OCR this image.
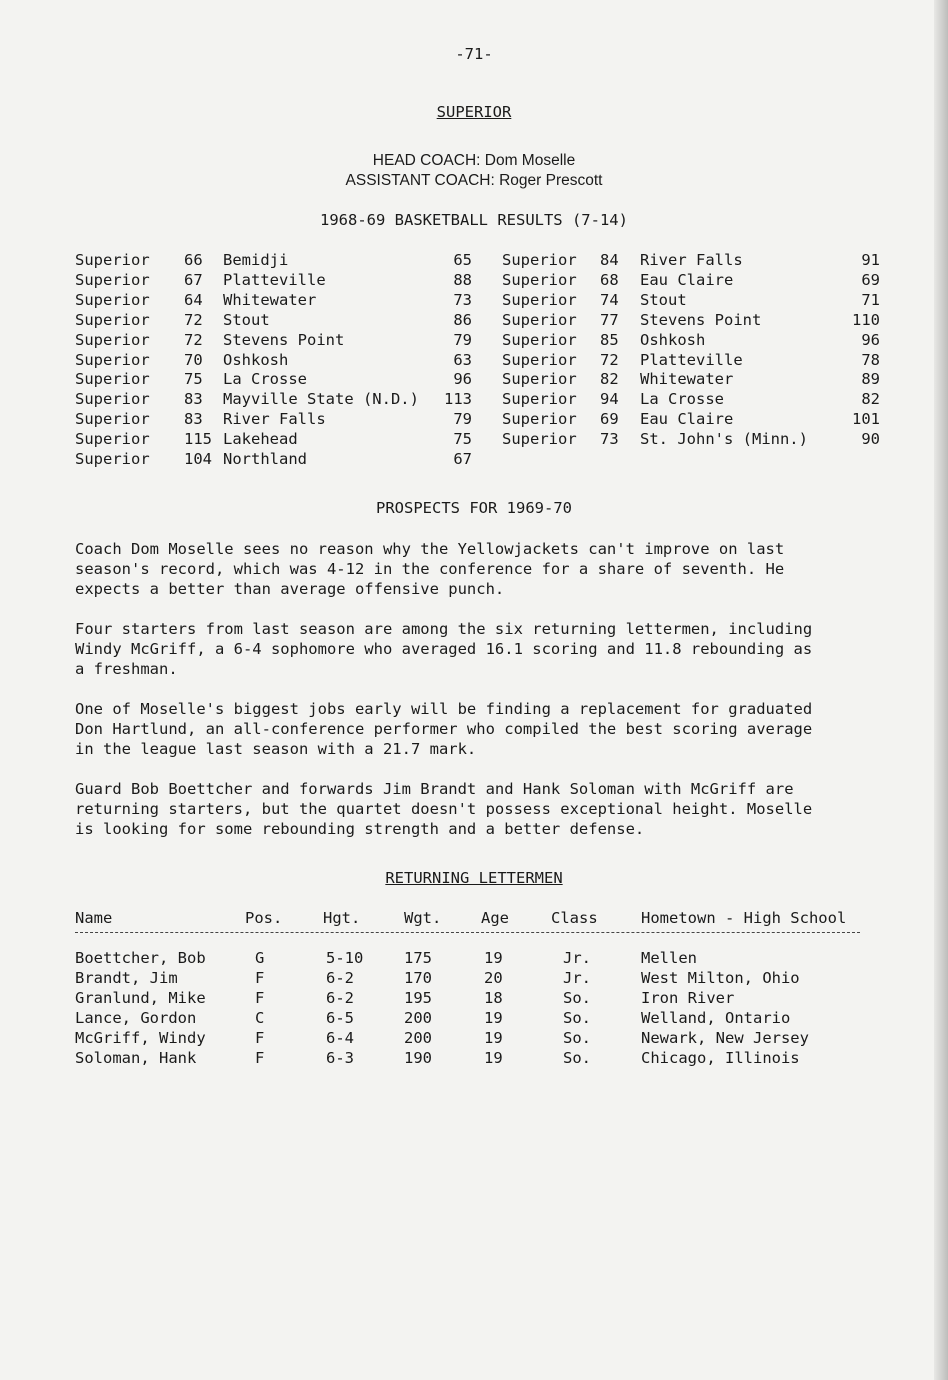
-71-
SUPERIOR
HEAD COACH: Dom Moselle
ASSISTANT COACH: Roger Prescott
1968-69 BASKETBALL RESULTS (7-14)
Superior 66 Bemidji	65
Superior 67 Platteville	88
Superior 64 Whitewater	73
Superior 72 Stout	86
Superior 72 Stevens Point	79
Superior 70 Oshkosh	63
Superior 75 La Crosse	96
Superior 83 Mayville State (N.D.)	113
Superior 83 River Falls	79
Superior 115 Lakehead	75
Superior 104 Northland	67
Superior 84 River Falls	91
Superior 68 Eau Claire	69
Superior 74 Stout	71
Superior 77 Stevens Point	110
Superior 85 Oshkosh	96
Superior 72 Platteville	78
Superior 82 Whitewater	89
Superior 94 La Crosse	82
Superior 69 Eau Claire	101
Superior 73 St. John's (Minn.)	90
PROSPECTS FOR 1969-70
Coach Dom Moselle sees no reason why the Yellowjackets can't improve on last
season's record, which was 4-12 in the conference for a share of seventh. He
expects a better than average offensive punch.
Four starters from last season are among the six returning lettermen, including
Windy McGriff, a 6-4 sophomore who averaged 16.1 scoring and 11.8 rebounding as
a freshman.
One of Moselle's biggest jobs early will be finding a replacement for graduated
Don Hartlund, an all-conference performer who compiled the best scoring average
in the league last season with a 21.7 mark.
Guard Bob Boettcher and forwards Jim Brandt and Hank Soloman with McGriff are
returning starters, but the quartet doesn't possess exceptional height. Moselle
is looking for some rebounding strength and a better defense.
RETURNING LETTERMEN
Name	Pos.	Hgt.	Wgt.	Age	Class	Hometown - High School
Boettcher, Bob	G	5-10	175	19	Jr.	Mellen
Brandt, Jim	F	6-2	170	20	Jr.	West Milton, Ohio
Granlund, Mike	F	6-2	195	18	So.	Iron River
Lance, Gordon	C	6-5	200	19	So.	Welland, Ontario
McGriff, Windy	F	6-4	200	19	So.	Newark, New Jersey
Soloman, Hank	F	6-3	190	19	So.	Chicago, Illinois
